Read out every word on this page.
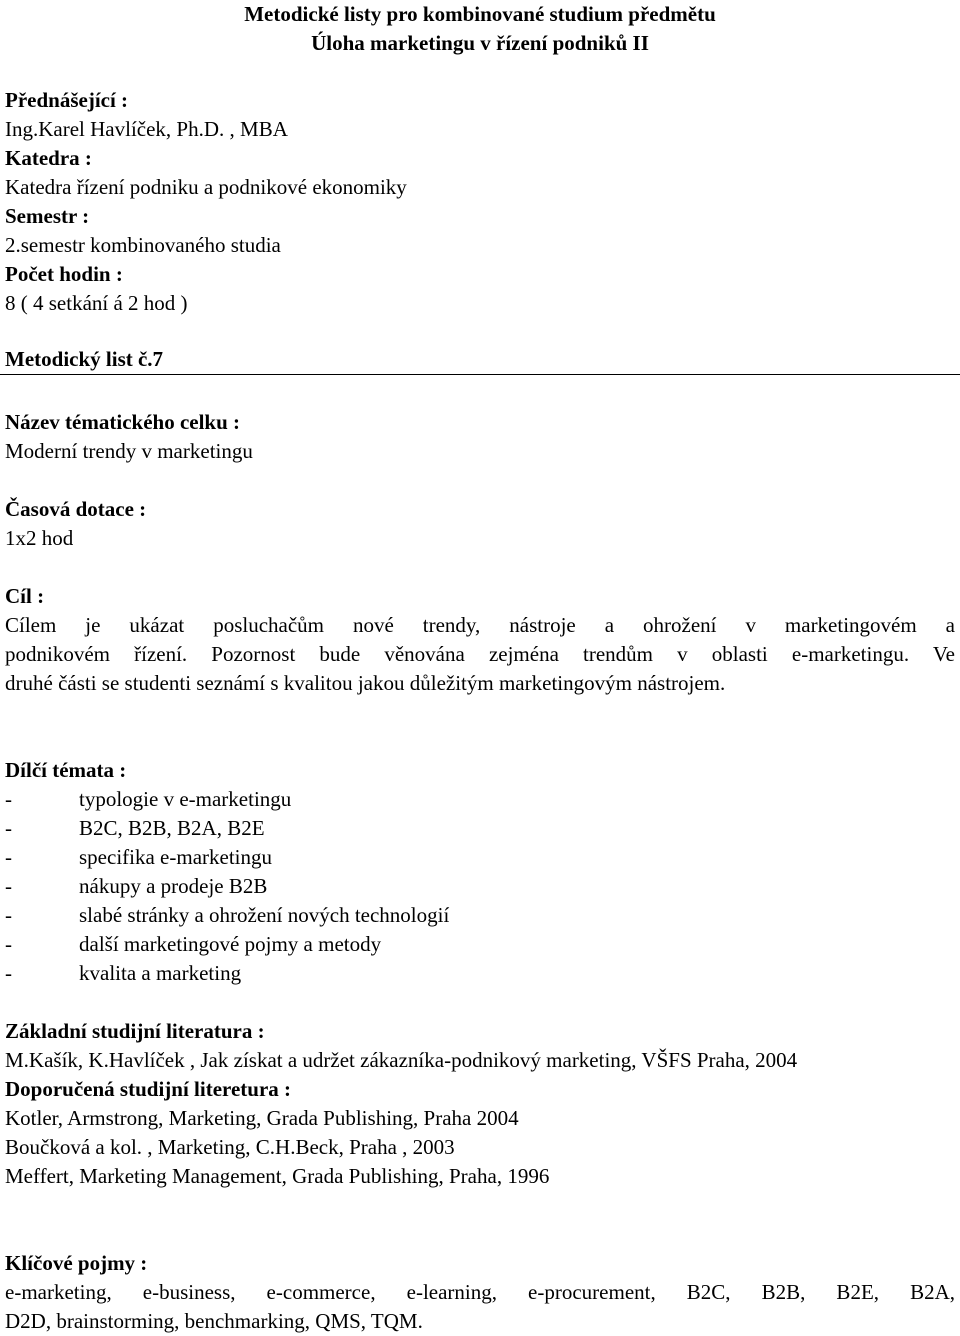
Metodické listy pro kombinované studium předmětu
Úloha marketingu v řízení podniků II
Přednášející :
Ing.Karel Havlíček, Ph.D. , MBA
Katedra :
Katedra řízení podniku a podnikové ekonomiky
Semestr :
2.semestr kombinovaného studia
Počet hodin :
8 ( 4 setkání á 2 hod )
Metodický list č.7
Název tématického celku :
Moderní trendy v marketingu
Časová dotace :
1x2 hod
Cíl :
Cílem je ukázat posluchačům nové trendy, nástroje a ohrožení v marketingovém a
podnikovém řízení. Pozornost bude věnována zejména trendům v oblasti e-marketingu. Ve
druhé části se studenti seznámí s kvalitou jakou důležitým marketingovým nástrojem.
Dílčí témata :
-	typologie v e-marketingu
-	B2C, B2B, B2A, B2E
-	specifika e-marketingu
-	nákupy a prodeje B2B
-	slabé stránky a ohrožení nových technologií
-	další marketingové pojmy a metody
-	kvalita a marketing
Základní studijní literatura :
M.Kašík, K.Havlíček , Jak získat a udržet zákazníka-podnikový marketing, VŠFS Praha, 2004
Doporučená studijní litereturа :
Kotler, Armstrong, Marketing, Grada Publishing, Praha 2004
Boučková a kol. , Marketing, C.H.Beck, Praha , 2003
Meffert, Marketing Management, Grada Publishing, Praha, 1996
Klíčové pojmy :
e-marketing, e-business, e-commerce, e-learning, e-procurement, B2C, B2B, B2E, B2A,
D2D, brainstorming, benchmarking, QMS, TQM.
